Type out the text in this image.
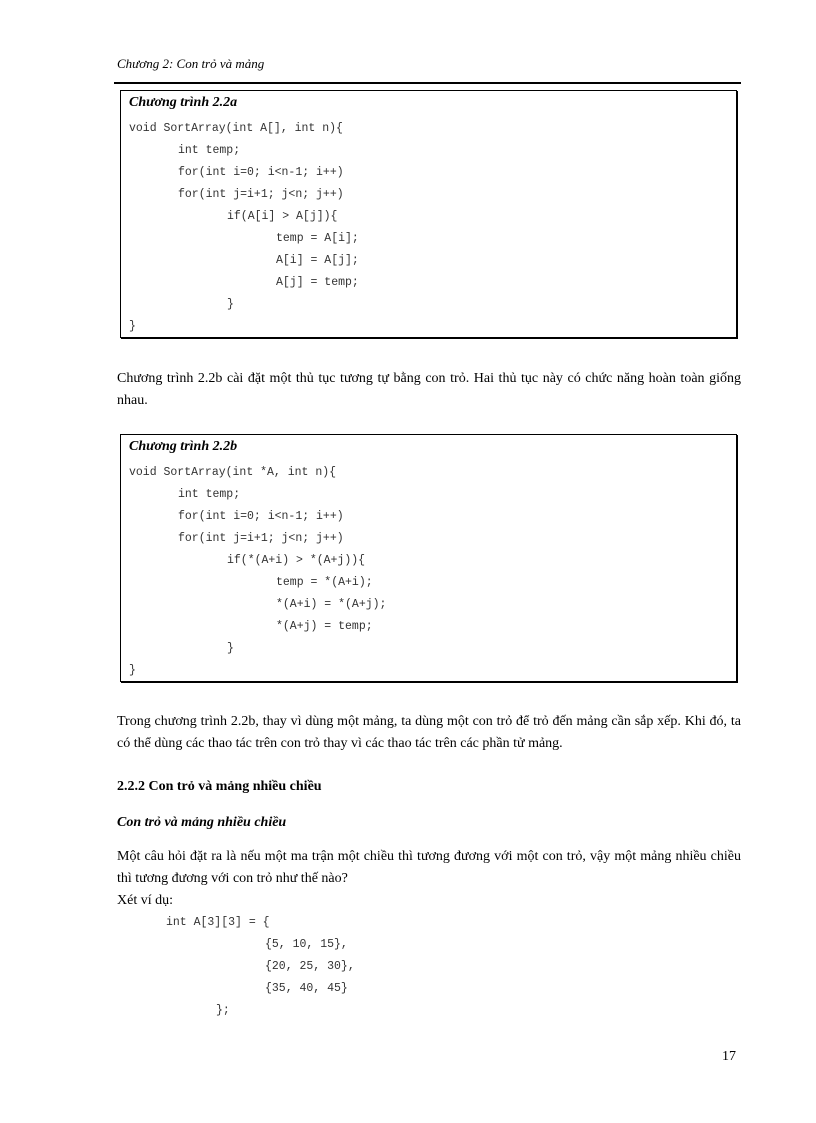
Chương 2: Con trỏ và mảng
Chương trình 2.2a
void SortArray(int A[], int n){
int temp;
for(int i=0; i<n-1; i++)
for(int j=i+1; j<n; j++)
if(A[i] > A[j]){
temp = A[i];
A[i] = A[j];
A[j] = temp;
}
}
Chương trình 2.2b cài đặt một thủ tục tương tự bằng con trỏ. Hai thủ tục này có chức năng hoàn toàn giống nhau.
Chương trình 2.2b
void SortArray(int *A, int n){
int temp;
for(int i=0; i<n-1; i++)
for(int j=i+1; j<n; j++)
if(*(A+i) > *(A+j)){
temp = *(A+i);
*(A+i) = *(A+j);
*(A+j) = temp;
}
}
Trong chương trình 2.2b, thay vì dùng một mảng, ta dùng một con trỏ để trỏ đến mảng cần sắp xếp. Khi đó, ta có thể dùng các thao tác trên con trỏ thay vì các thao tác trên các phần tử mảng.
2.2.2 Con trỏ và mảng nhiều chiều
Con trỏ và mảng nhiều chiều
Một câu hỏi đặt ra là nếu một ma trận một chiều thì tương đương với một con trỏ, vậy một mảng nhiều chiều thì tương đương với con trỏ như thế nào?
Xét ví dụ:
int A[3][3] = {
{5, 10, 15},
{20, 25, 30},
{35, 40, 45}
};
17
